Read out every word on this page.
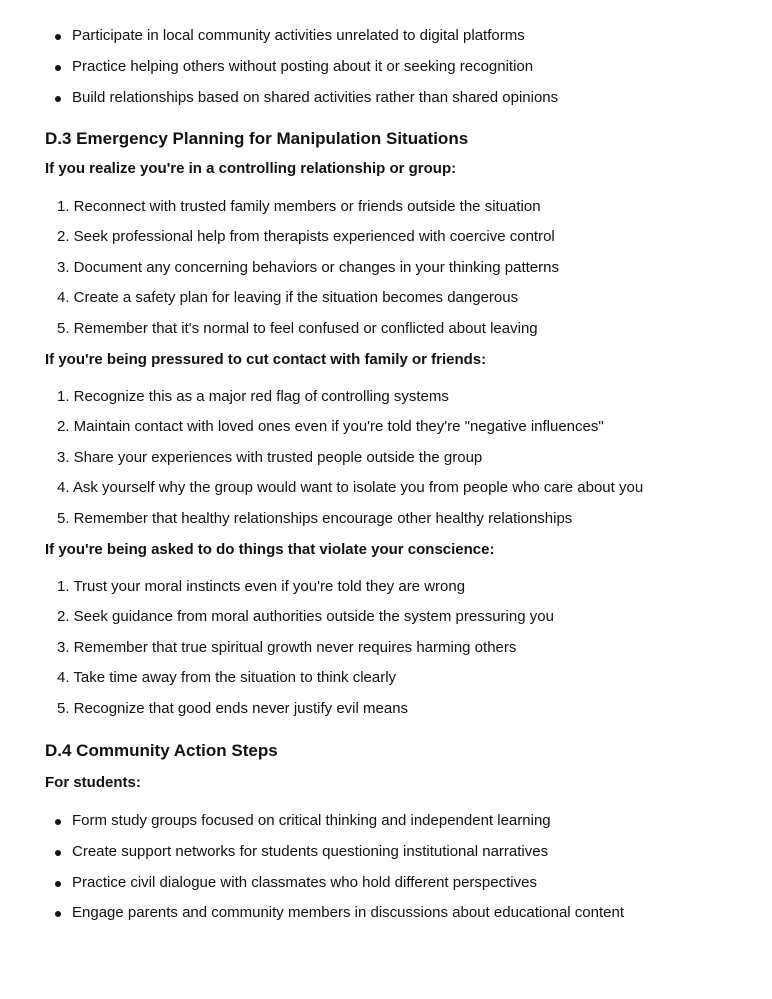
Participate in local community activities unrelated to digital platforms
Practice helping others without posting about it or seeking recognition
Build relationships based on shared activities rather than shared opinions
D.3 Emergency Planning for Manipulation Situations
If you realize you're in a controlling relationship or group:
1. Reconnect with trusted family members or friends outside the situation
2. Seek professional help from therapists experienced with coercive control
3. Document any concerning behaviors or changes in your thinking patterns
4. Create a safety plan for leaving if the situation becomes dangerous
5. Remember that it's normal to feel confused or conflicted about leaving
If you're being pressured to cut contact with family or friends:
1. Recognize this as a major red flag of controlling systems
2. Maintain contact with loved ones even if you're told they're "negative influences"
3. Share your experiences with trusted people outside the group
4. Ask yourself why the group would want to isolate you from people who care about you
5. Remember that healthy relationships encourage other healthy relationships
If you're being asked to do things that violate your conscience:
1. Trust your moral instincts even if you're told they are wrong
2. Seek guidance from moral authorities outside the system pressuring you
3. Remember that true spiritual growth never requires harming others
4. Take time away from the situation to think clearly
5. Recognize that good ends never justify evil means
D.4 Community Action Steps
For students:
Form study groups focused on critical thinking and independent learning
Create support networks for students questioning institutional narratives
Practice civil dialogue with classmates who hold different perspectives
Engage parents and community members in discussions about educational content
